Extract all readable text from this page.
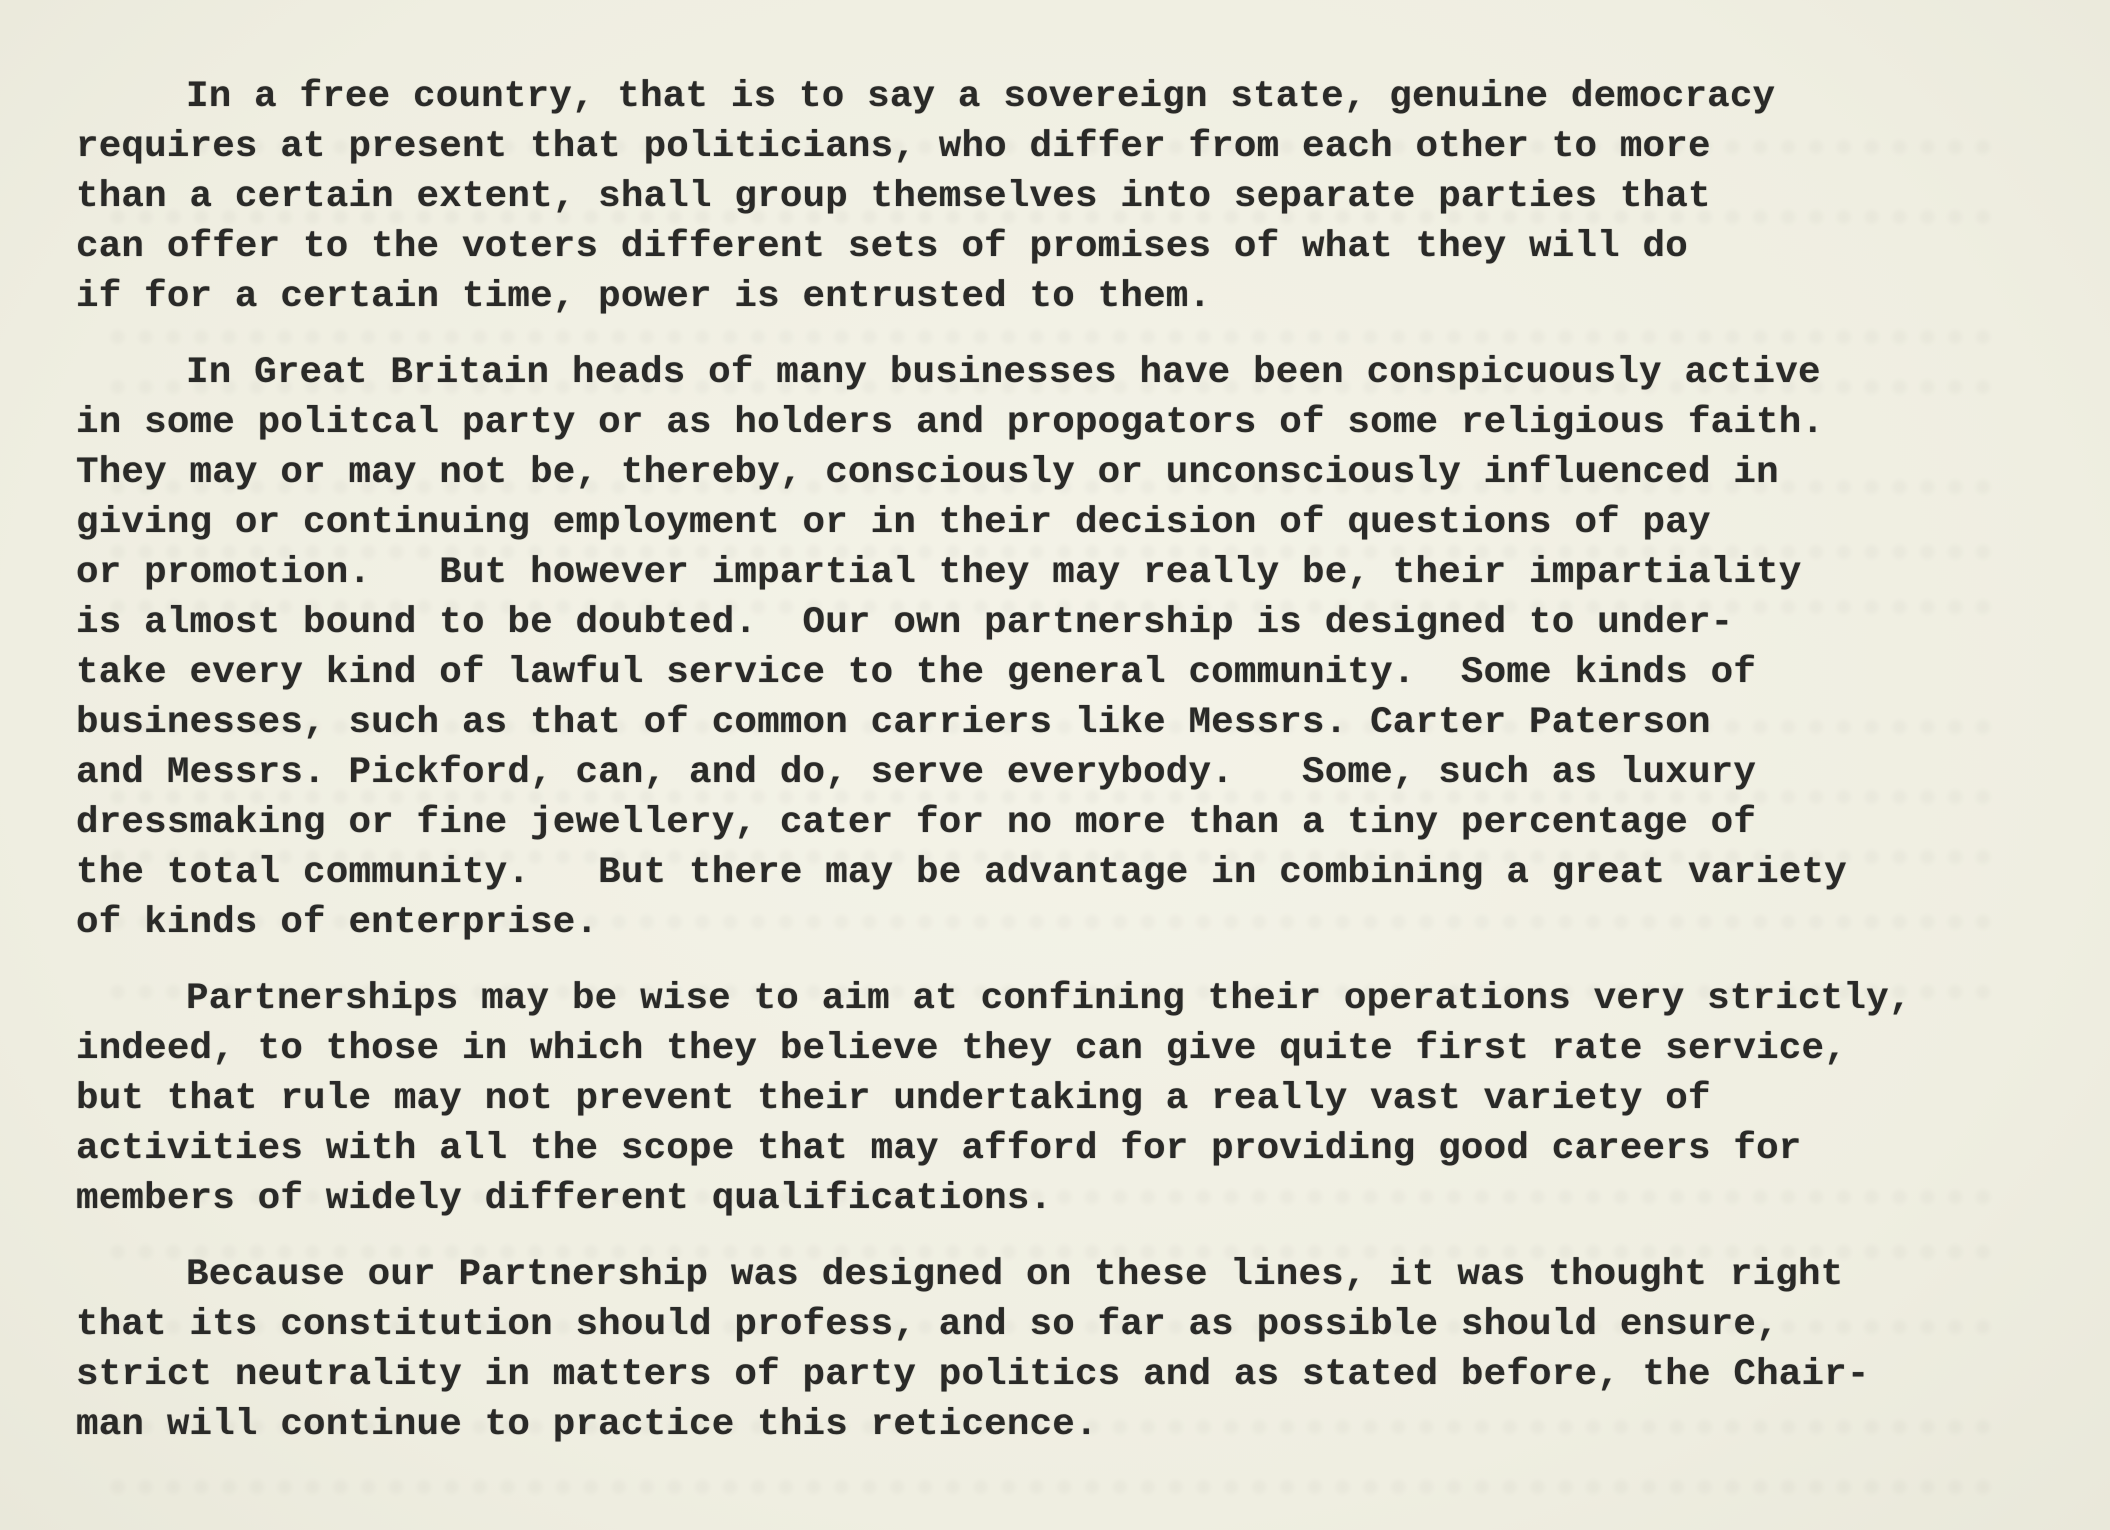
In a free country, that is to say a sovereign state, genuine democracy
requires at present that politicians, who differ from each other to more
than a certain extent, shall group themselves into separate parties that
can offer to the voters different sets of promises of what they will do
if for a certain time, power is entrusted to them.
In Great Britain heads of many businesses have been conspicuously active
in some politcal party or as holders and propogators of some religious faith.
They may or may not be, thereby, consciously or unconsciously influenced in
giving or continuing employment or in their decision of questions of pay
or promotion.   But however impartial they may really be, their impartiality
is almost bound to be doubted.  Our own partnership is designed to under-
take every kind of lawful service to the general community.  Some kinds of
businesses, such as that of common carriers like Messrs. Carter Paterson
and Messrs. Pickford, can, and do, serve everybody.   Some, such as luxury
dressmaking or fine jewellery, cater for no more than a tiny percentage of
the total community.   But there may be advantage in combining a great variety
of kinds of enterprise.
Partnerships may be wise to aim at confining their operations very strictly,
indeed, to those in which they believe they can give quite first rate service,
but that rule may not prevent their undertaking a really vast variety of
activities with all the scope that may afford for providing good careers for
members of widely different qualifications.
Because our Partnership was designed on these lines, it was thought right
that its constitution should profess, and so far as possible should ensure,
strict neutrality in matters of party politics and as stated before, the Chair-
man will continue to practice this reticence.
